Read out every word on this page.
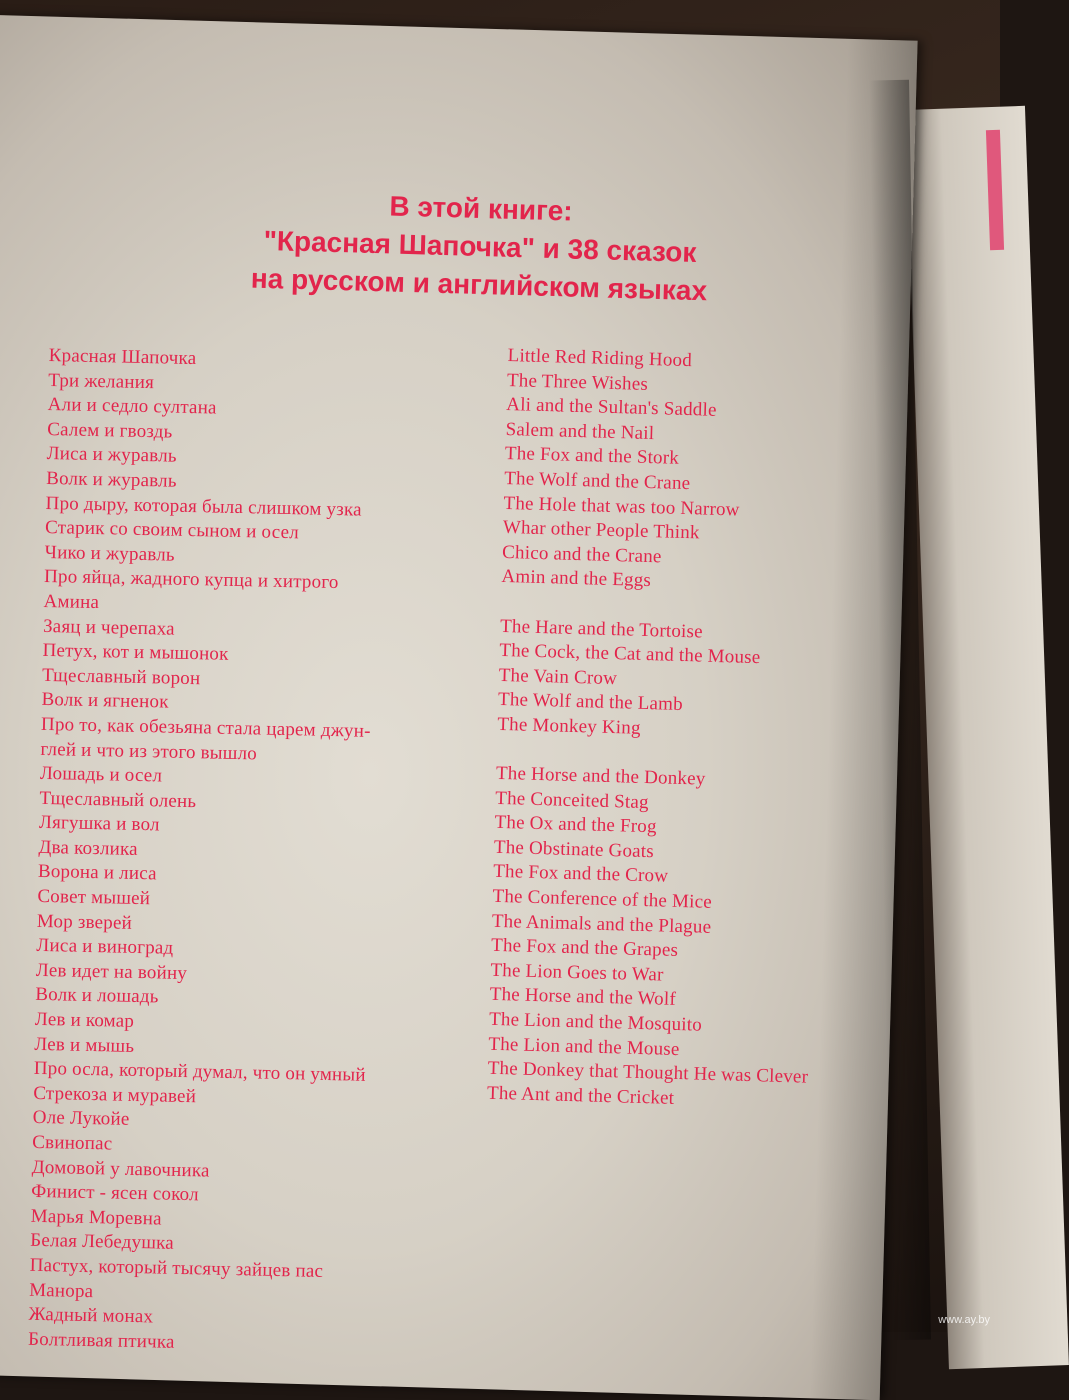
В этой книге:
"Красная Шапочка" и 38 сказок
на русском и английском языках
Красная Шапочка
Три желания
Али и седло султана
Салем и гвоздь
Лиса и журавль
Волк и журавль
Про дыру, которая была слишком узка
Старик со своим сыном и осел
Чико и журавль
Про яйца, жадного купца и хитрого
Амина
Заяц и черепаха
Петух, кот и мышонок
Тщеславный ворон
Волк и ягненок
Про то, как обезьяна стала царем джун-
глей и что из этого вышло
Лошадь и осел
Тщеславный олень
Лягушка и вол
Два козлика
Ворона и лиса
Совет мышей
Мор зверей
Лиса и виноград
Лев идет на войну
Волк и лошадь
Лев и комар
Лев и мышь
Про осла, который думал, что он умный
Стрекоза и муравей
Оле Лукойе
Свинопас
Домовой у лавочника
Финист - ясен сокол
Марья Моревна
Белая Лебедушка
Пастух, который тысячу зайцев пас
Манора
Жадный монах
Болтливая птичка
Little Red Riding Hood
The Three Wishes
Ali and the Sultan's Saddle
Salem and the Nail
The Fox and the Stork
The Wolf and the Crane
The Hole that was too Narrow
Whar other People Think
Chico and the Crane
Amin and the Eggs
The Hare and the Tortoise
The Cock, the Cat and the Mouse
The Vain Crow
The Wolf and the Lamb
The Monkey King
The Horse and the Donkey
The Conceited Stag
The Ox and the Frog
The Obstinate Goats
The Fox and the Crow
The Conference of the Mice
The Animals and the Plague
The Fox and the Grapes
The Lion Goes to War
The Horse and the Wolf
The Lion and the Mosquito
The Lion and the Mouse
The Donkey that Thought He was Clever
The Ant and the Cricket
www.ay.by
